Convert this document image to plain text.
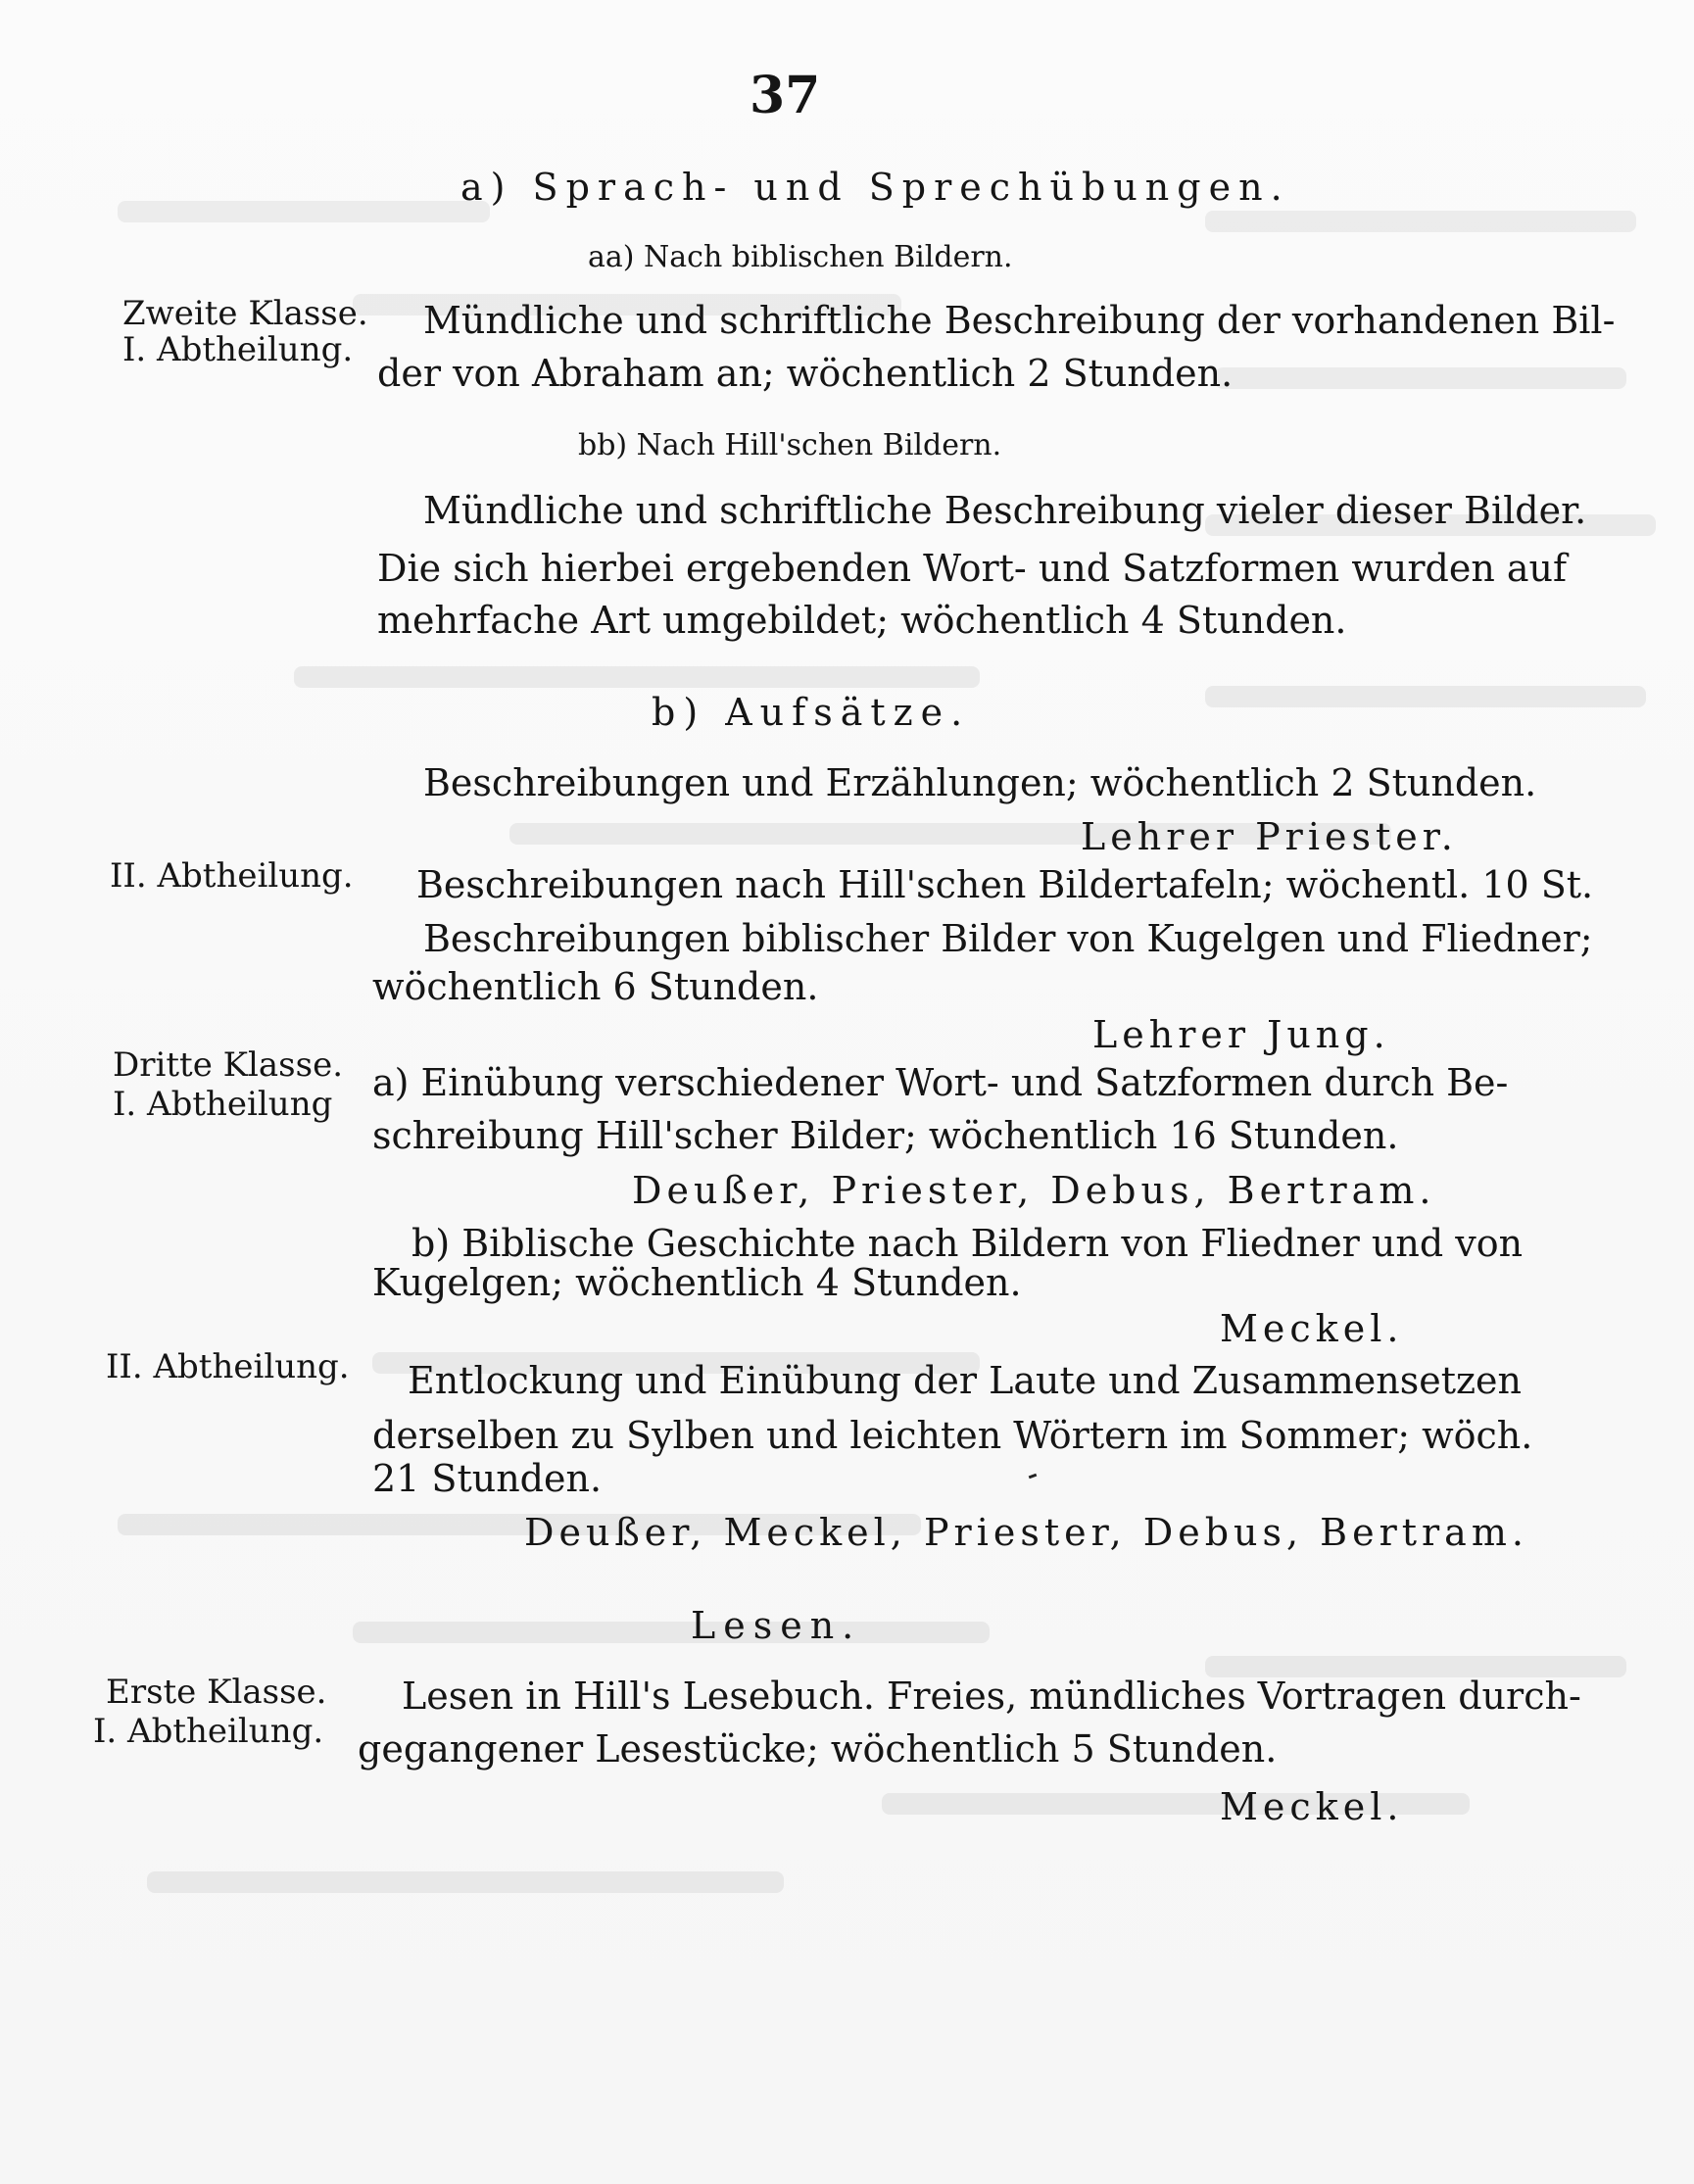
37
a) Sprach- und Sprechübungen.
aa) Nach biblischen Bildern.
Zweite Klasse.
I. Abtheilung.
Mündliche und schriftliche Beschreibung der vorhandenen Bil-
der von Abraham an; wöchentlich 2 Stunden.
bb) Nach Hill'schen Bildern.
Mündliche und schriftliche Beschreibung vieler dieser Bilder.
Die sich hierbei ergebenden Wort- und Satzformen wurden auf
mehrfache Art umgebildet; wöchentlich 4 Stunden.
b) Aufsätze.
Beschreibungen und Erzählungen; wöchentlich 2 Stunden.
Lehrer Priester.
II. Abtheilung. Beschreibungen nach Hill'schen Bildertafeln; wöchentl. 10 St.
Beschreibungen biblischer Bilder von Kugelgen und Fliedner;
wöchentlich 6 Stunden.
Lehrer Jung.
Dritte Klasse.
I. Abtheilung a) Einübung verschiedener Wort- und Satzformen durch Be-
schreibung Hill'scher Bilder; wöchentlich 16 Stunden.
Deußer, Priester, Debus, Bertram.
b) Biblische Geschichte nach Bildern von Fliedner und von
Kugelgen; wöchentlich 4 Stunden.
Meckel.
II. Abtheilung. Entlockung und Einübung der Laute und Zusammensetzen
derselben zu Sylben und leichten Wörtern im Sommer; wöch.
21 Stunden.
Deußer, Meckel, Priester, Debus, Bertram.
Lesen.
Erste Klasse.
I. Abtheilung.
Lesen in Hill's Lesebuch. Freies, mündliches Vortragen durch-
gegangener Lesestücke; wöchentlich 5 Stunden.
Meckel.
